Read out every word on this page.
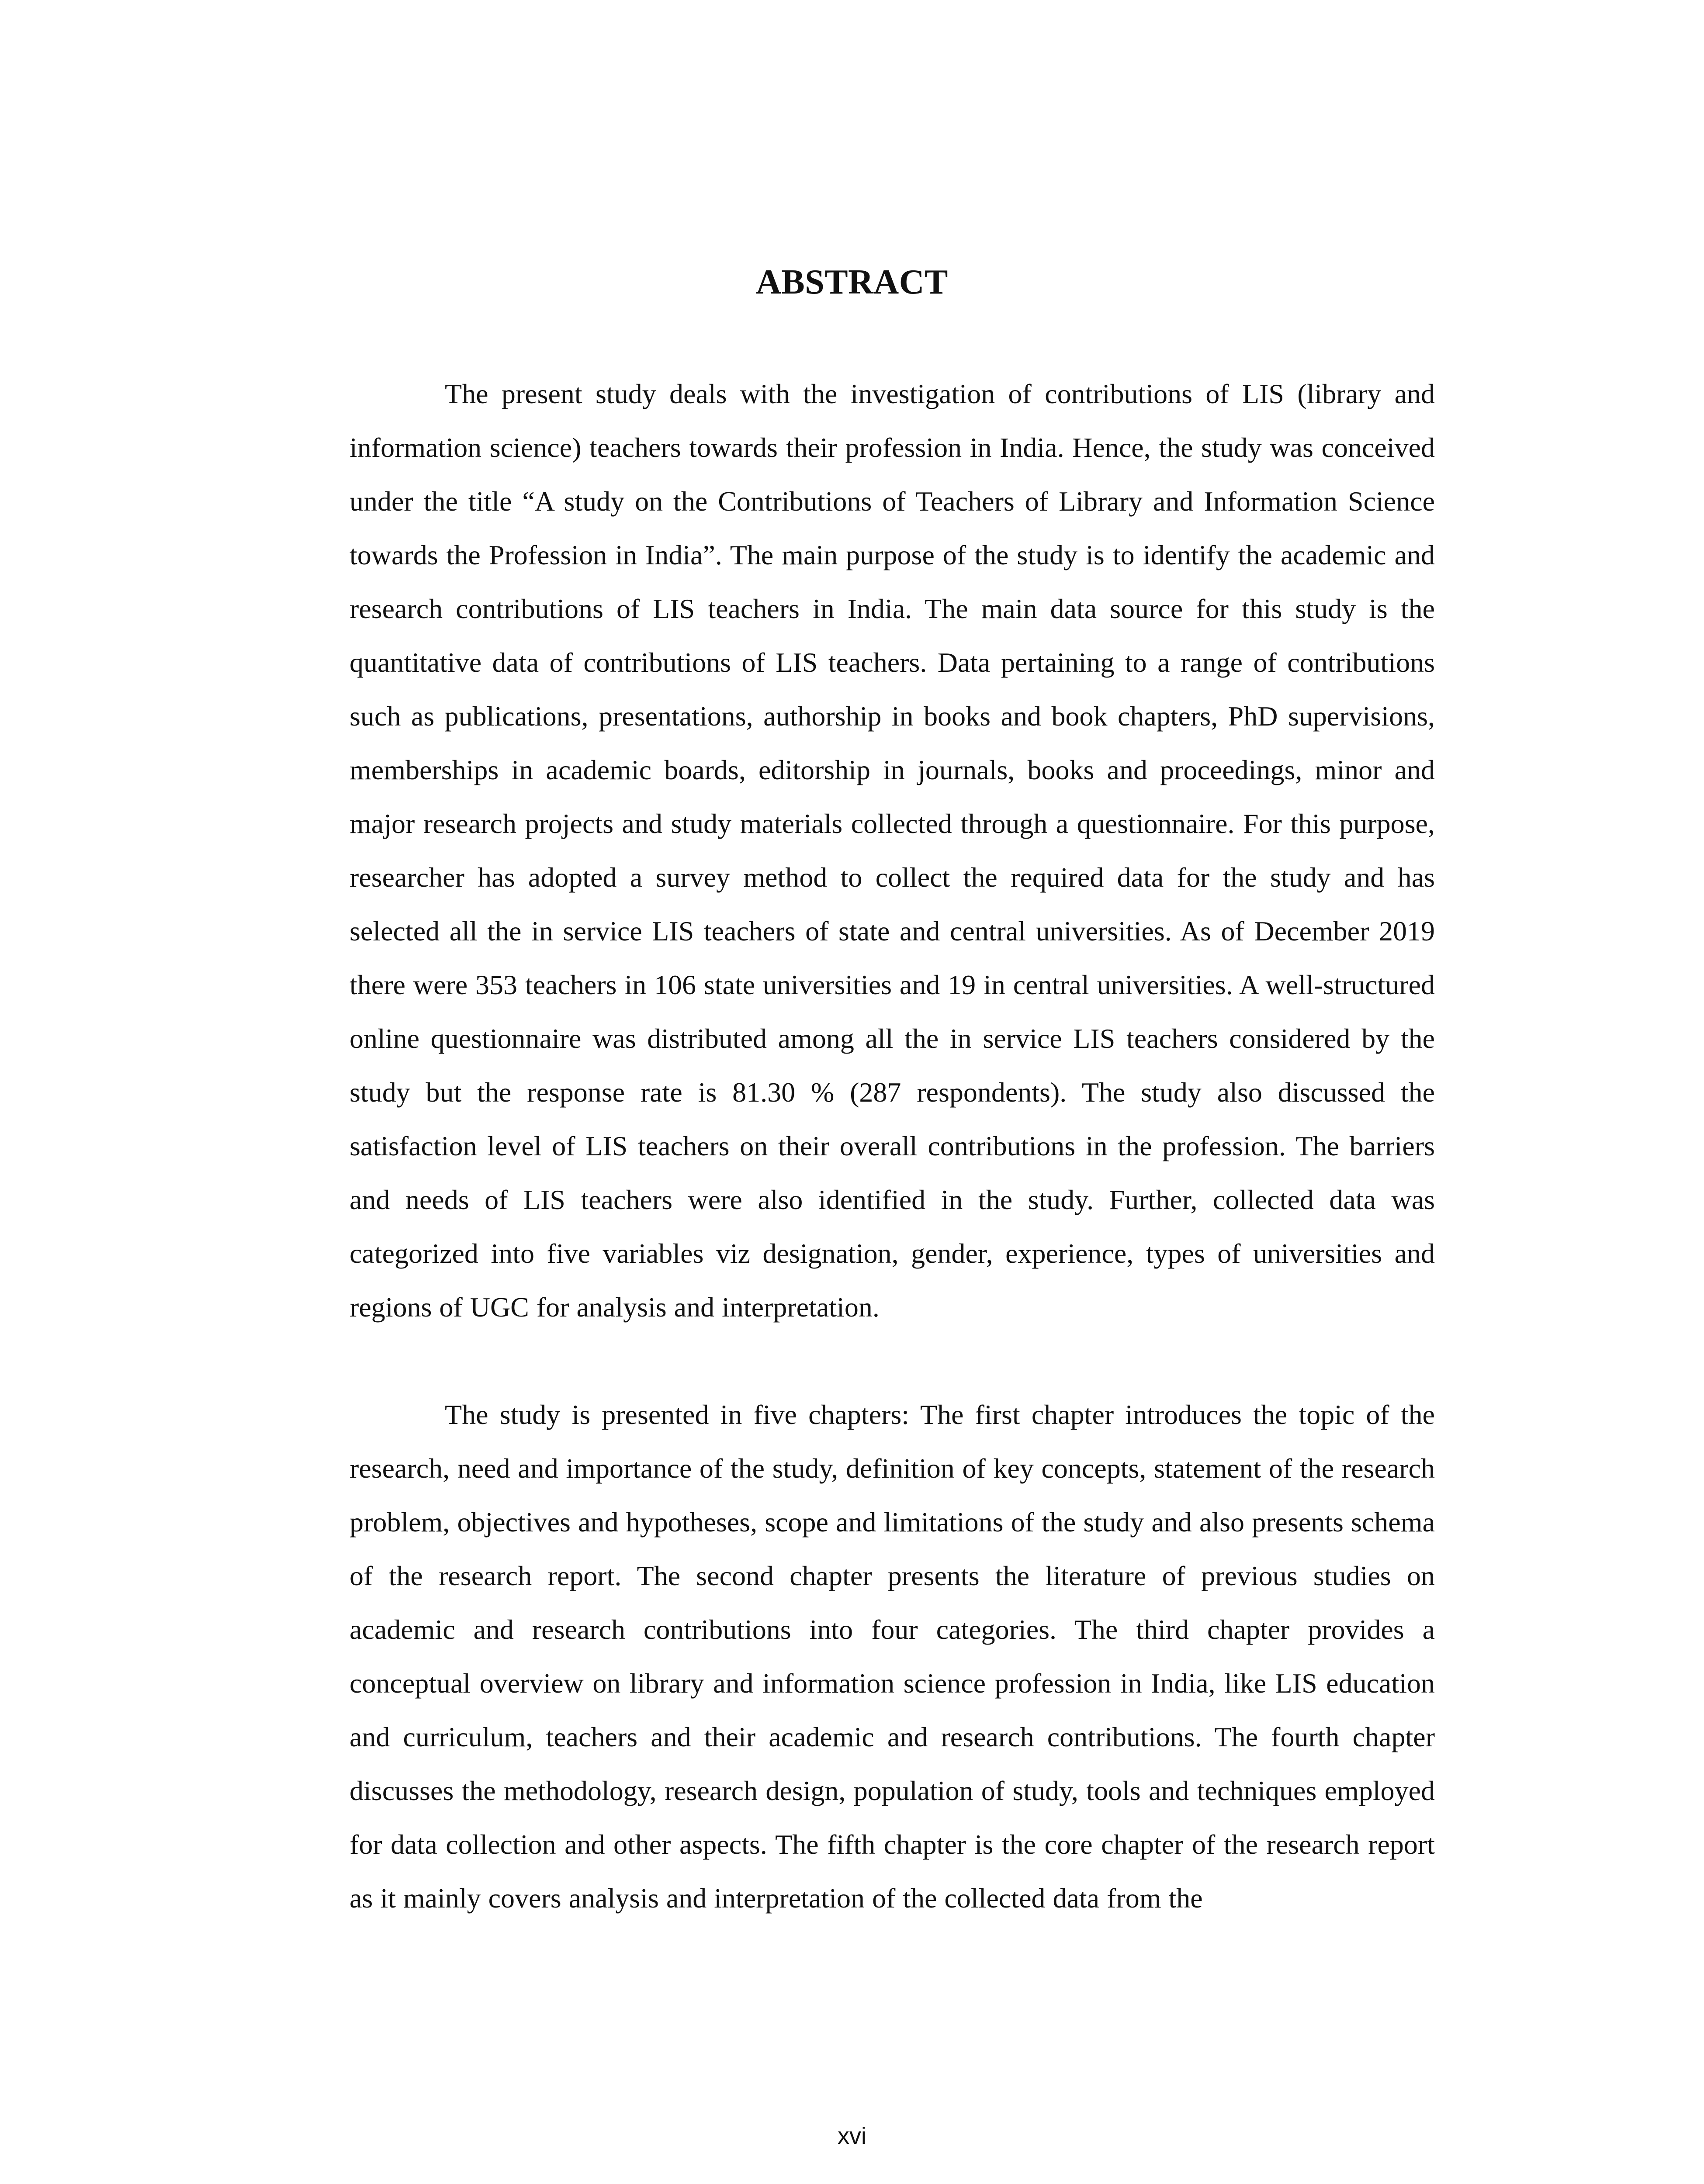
ABSTRACT

The present study deals with the investigation of contributions of LIS (library and information science) teachers towards their profession in India. Hence, the study was conceived under the title “A study on the Contributions of Teachers of Library and Information Science towards the Profession in India”. The main purpose of the study is to identify the academic and research contributions of LIS teachers in India. The main data source for this study is the quantitative data of contributions of LIS teachers. Data pertaining to a range of contributions such as publications, presentations, authorship in books and book chapters, PhD supervisions, memberships in academic boards, editorship in journals, books and proceedings, minor and major research projects and study materials collected through a questionnaire. For this purpose, researcher has adopted a survey method to collect the required data for the study and has selected all the in service LIS teachers of state and central universities. As of December 2019 there were 353 teachers in 106 state universities and 19 in central universities. A well-structured online questionnaire was distributed among all the in service LIS teachers considered by the study but the response rate is 81.30 % (287 respondents). The study also discussed the satisfaction level of LIS teachers on their overall contributions in the profession. The barriers and needs of LIS teachers were also identified in the study. Further, collected data was categorized into five variables viz designation, gender, experience, types of universities and regions of UGC for analysis and interpretation.

The study is presented in five chapters: The first chapter introduces the topic of the research, need and importance of the study, definition of key concepts, statement of the research problem, objectives and hypotheses, scope and limitations of the study and also presents schema of the research report. The second chapter presents the literature of previous studies on academic and research contributions into four categories. The third chapter provides a conceptual overview on library and information science profession in India, like LIS education and curriculum, teachers and their academic and research contributions. The fourth chapter discusses the methodology, research design, population of study, tools and techniques employed for data collection and other aspects. The fifth chapter is the core chapter of the research report as it mainly covers analysis and interpretation of the collected data from the

xvi
